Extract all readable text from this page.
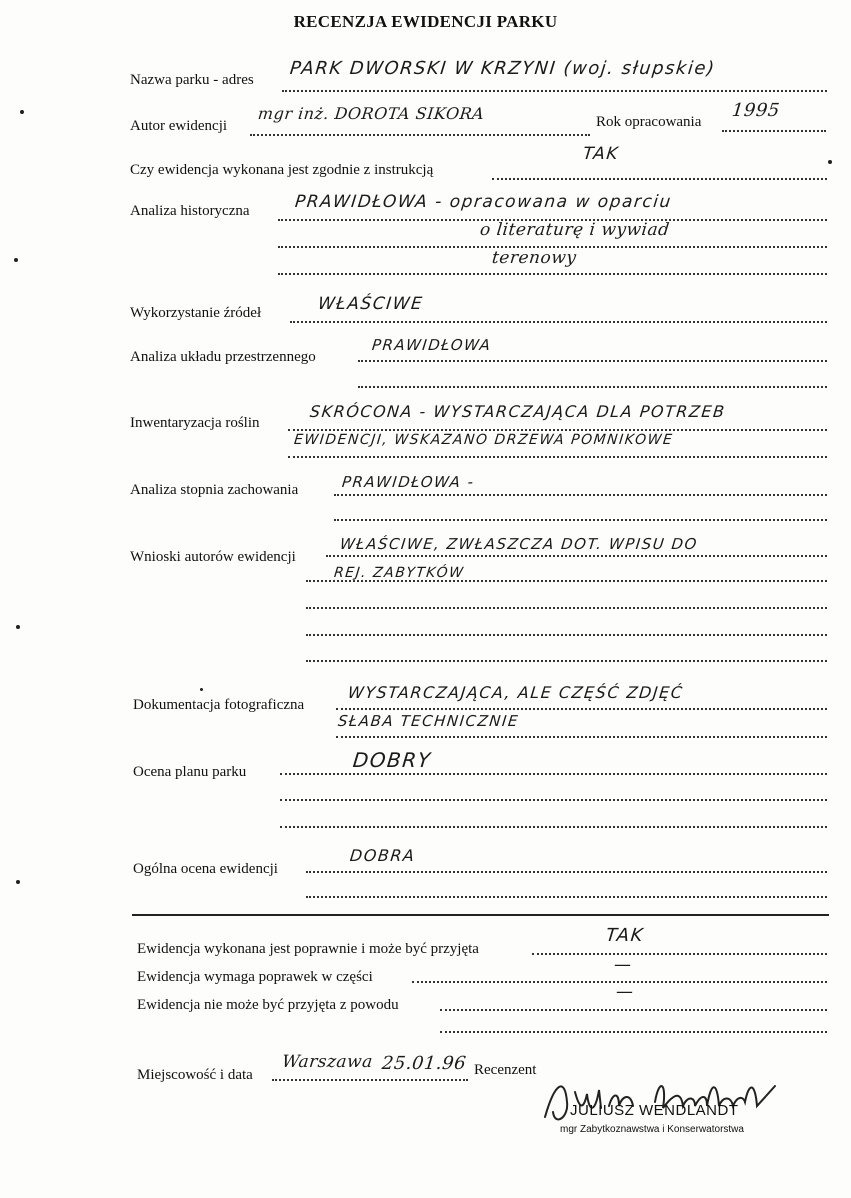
RECENZJA EWIDENCJI PARKU
Nazwa parku - adres
PARK DWORSKI W KRZYNI (woj. słupskie)
Autor ewidencji
mgr inż. DOROTA SIKORA	Rok opracowania
1995
Czy ewidencja wykonana jest zgodnie z instrukcją
TAK
Analiza historyczna	PRAWIDŁOWA - opracowana w oparciu
o literaturę i wywiad
terenowy
Wykorzystanie źródeł	WŁAŚCIWE
Analiza układu przestrzennego
PRAWIDŁOWA
Inwentaryzacja roślin
SKRÓCONA - WYSTARCZAJĄCA DLA POTRZEB
EWIDENCJI, WSKAZANO DRZEWA POMNIKOWE
Analiza stopnia zachowania	PRAWIDŁOWA -
Wnioski autorów ewidencji
WŁAŚCIWE, ZWŁASZCZA DOT. WPISU DO
REJ. ZABYTKÓW
Dokumentacja fotograficzna
WYSTARCZAJĄCA, ALE CZĘŚĆ ZDJĘĆ
SŁABA TECHNICZNIE
Ocena planu parku	DOBRY
Ogólna ocena ewidencji
DOBRA
Ewidencja wykonana jest poprawnie i może być przyjęta
TAK
Ewidencja wymaga poprawek w części
—
Ewidencja nie może być przyjęta z powodu
—
Miejscowość i data
Warszawa 25.01.96 Recenzent
JULIUSZ WENDLANDT
mgr Zabytkoznawstwa i Konserwatorstwa
